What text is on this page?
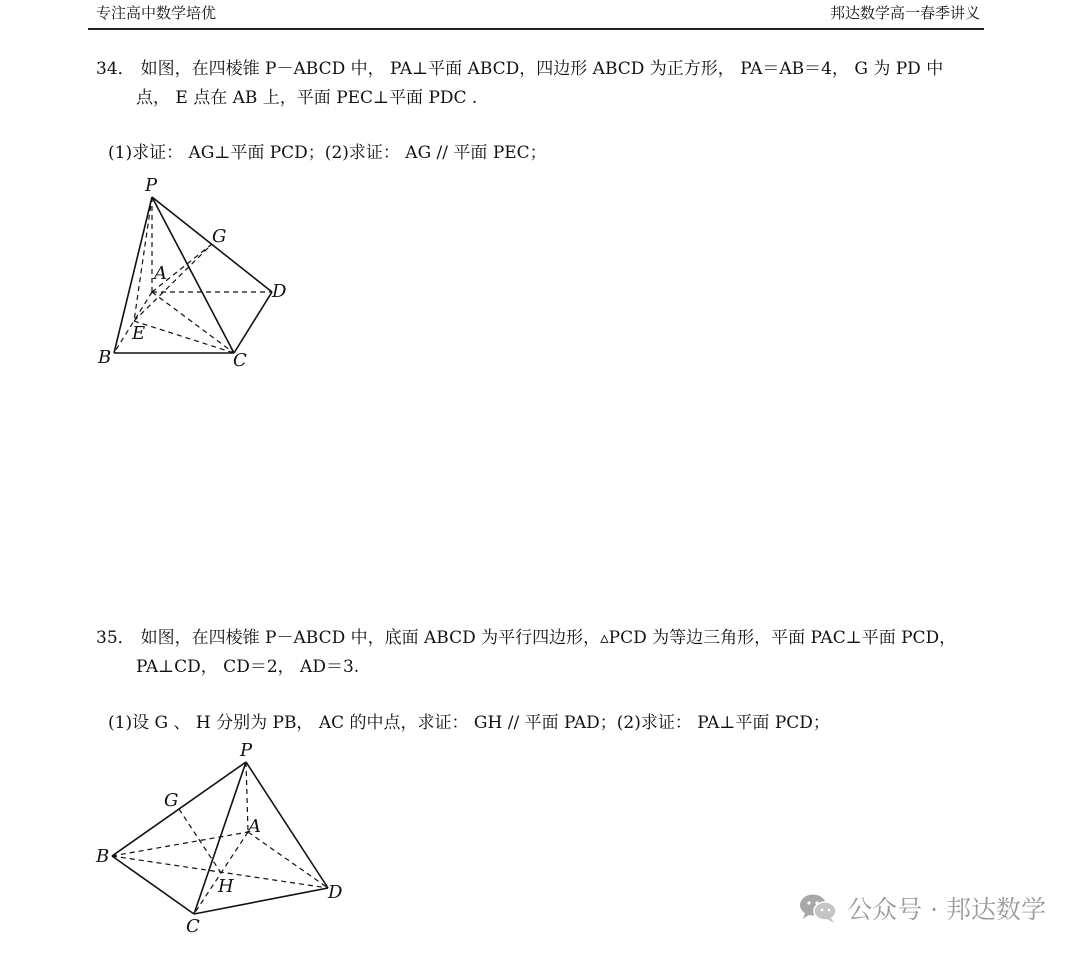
专注高中数学培优	邦达数学高一春季讲义
34． 如图，在四棱锥 P－ABCD 中， PA⊥平面 ABCD，四边形 ABCD 为正方形， PA＝AB＝4， G 为 PD 中
点， E 点在 AB 上，平面 PEC⊥平面 PDC .
(1)求证： AG⊥平面 PCD；(2)求证： AG // 平面 PEC；
P
G
A
D
E
B	C
35． 如图，在四棱锥 P－ABCD 中，底面 ABCD 为平行四边形，▵PCD 为等边三角形，平面 PAC⊥平面 PCD，
PA⊥CD， CD＝2， AD＝3.
(1)设 G 、 H 分别为 PB， AC 的中点，求证： GH // 平面 PAD；(2)求证： PA⊥平面 PCD；
P
G
A
B
H	D
C
公众号 · 邦达数学
